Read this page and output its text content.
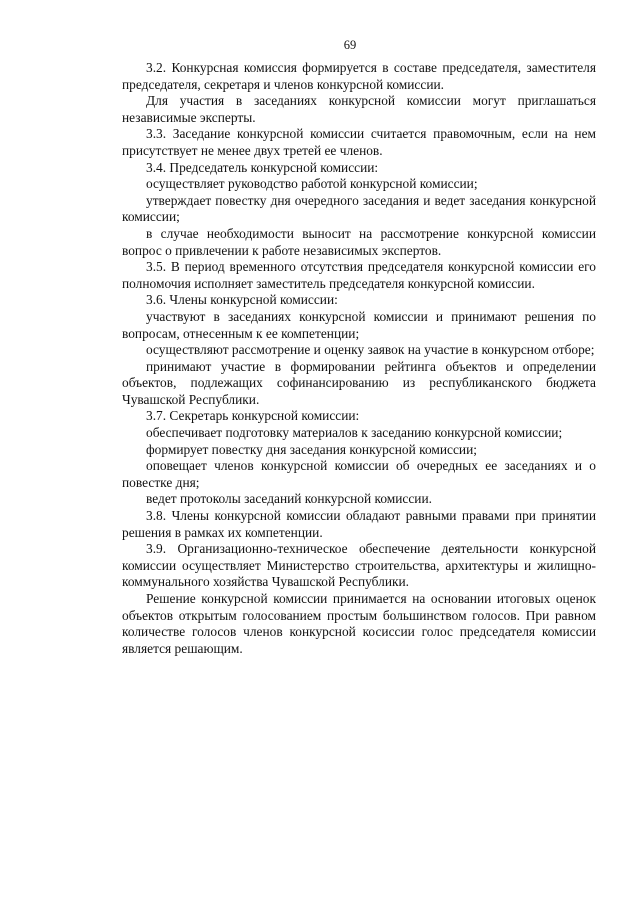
69

3.2. Конкурсная комиссия формируется в составе председателя, заместителя председателя, секретаря и членов конкурсной комиссии.

Для участия в заседаниях конкурсной комиссии могут приглашаться независимые эксперты.

3.3. Заседание конкурсной комиссии считается правомочным, если на нем присутствует не менее двух третей ее членов.

3.4. Председатель конкурсной комиссии:

осуществляет руководство работой конкурсной комиссии;

утверждает повестку дня очередного заседания и ведет заседания конкурсной комиссии;

в случае необходимости выносит на рассмотрение конкурсной комиссии вопрос о привлечении к работе независимых экспертов.

3.5. В период временного отсутствия председателя конкурсной комиссии его полномочия исполняет заместитель председателя конкурсной комиссии.

3.6. Члены конкурсной комиссии:

участвуют в заседаниях конкурсной комиссии и принимают решения по вопросам, отнесенным к ее компетенции;

осуществляют рассмотрение и оценку заявок на участие в конкурсном отборе;

принимают участие в формировании рейтинга объектов и определении объектов, подлежащих софинансированию из республиканского бюджета Чувашской Республики.

3.7. Секретарь конкурсной комиссии:

обеспечивает подготовку материалов к заседанию конкурсной комиссии;

формирует повестку дня заседания конкурсной комиссии;

оповещает членов конкурсной комиссии об очередных ее заседаниях и о повестке дня;

ведет протоколы заседаний конкурсной комиссии.

3.8. Члены конкурсной комиссии обладают равными правами при принятии решения в рамках их компетенции.

3.9. Организационно-техническое обеспечение деятельности конкурсной комиссии осуществляет Министерство строительства, архитектуры и жилищно-коммунального хозяйства Чувашской Республики.

Решение конкурсной комиссии принимается на основании итоговых оценок объектов открытым голосованием простым большинством голосов. При равном количестве голосов членов конкурсной косиссии голос председателя комиссии является решающим.
